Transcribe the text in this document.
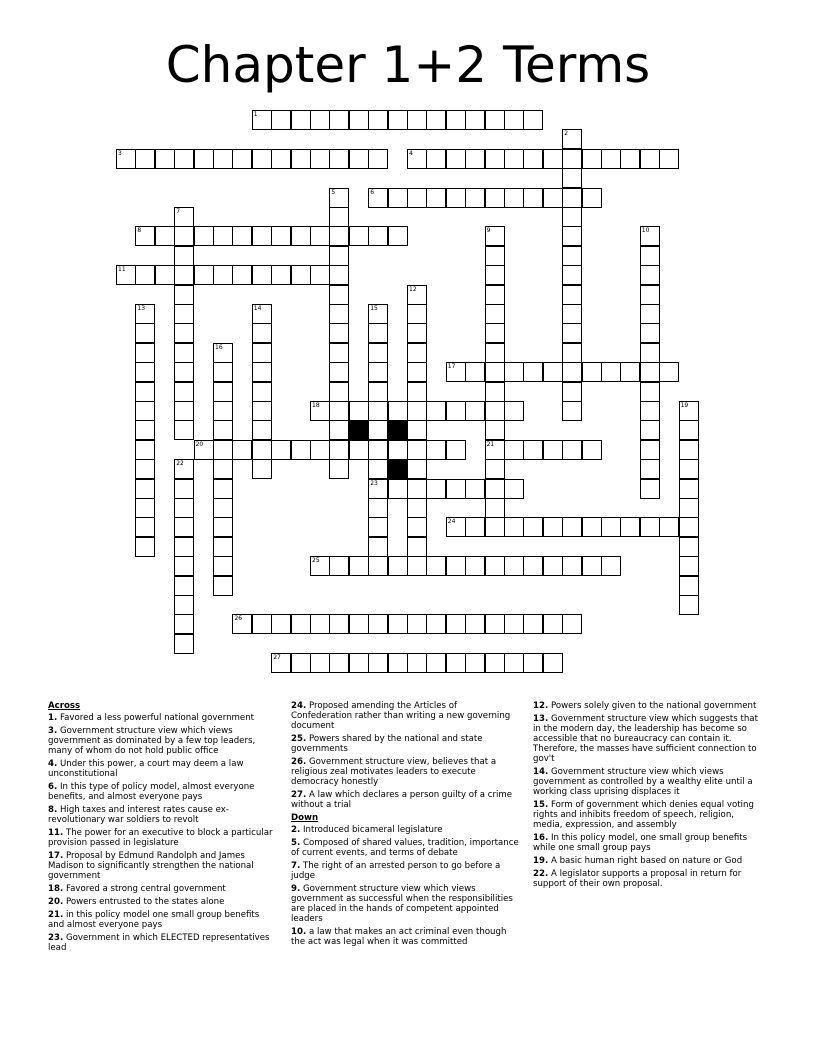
Chapter 1+2 Terms
1
2
3	4
5	6
7
8	9
21
10
11
12
13	14	15
23
16
17
18	19
20
22
24
25
26
27
Across
1. Favored a less powerful national government
3. Government structure view which views government as dominated by a few top leaders, many of whom do not hold public office
4. Under this power, a court may deem a law unconstitutional
6. In this type of policy model, almost everyone benefits, and almost everyone pays
8. High taxes and interest rates cause ex-revolutionary war soldiers to revolt
11. The power for an executive to block a particular provision passed in legislature
17. Proposal by Edmund Randolph and James Madison to significantly strengthen the national government
18. Favored a strong central government
20. Powers entrusted to the states alone
21. in this policy model one small group benefits and almost everyone pays
23. Government in which ELECTED representatives lead
24. Proposed amending the Articles of Confederation rather than writing a new governing document
25. Powers shared by the national and state governments
26. Government structure view, believes that a religious zeal motivates leaders to execute democracy honestly
27. A law which declares a person guilty of a crime without a trial
Down
2. Introduced bicameral legislature
5. Composed of shared values, tradition, importance of current events, and terms of debate
7. The right of an arrested person to go before a judge
9. Government structure view which views government as successful when the responsibilities are placed in the hands of competent appointed leaders
10. a law that makes an act criminal even though the act was legal when it was committed
12. Powers solely given to the national government
13. Government structure view which suggests that in the modern day, the leadership has become so accessible that no bureaucracy can contain it. Therefore, the masses have sufficient connection to gov't
14. Government structure view which views government as controlled by a wealthy elite until a working class uprising displaces it
15. Form of government which denies equal voting rights and inhibits freedom of speech, religion, media, expression, and assembly
16. In this policy model, one small group benefits while one small group pays
19. A basic human right based on nature or God
22. A legislator supports a proposal in return for support of their own proposal.
